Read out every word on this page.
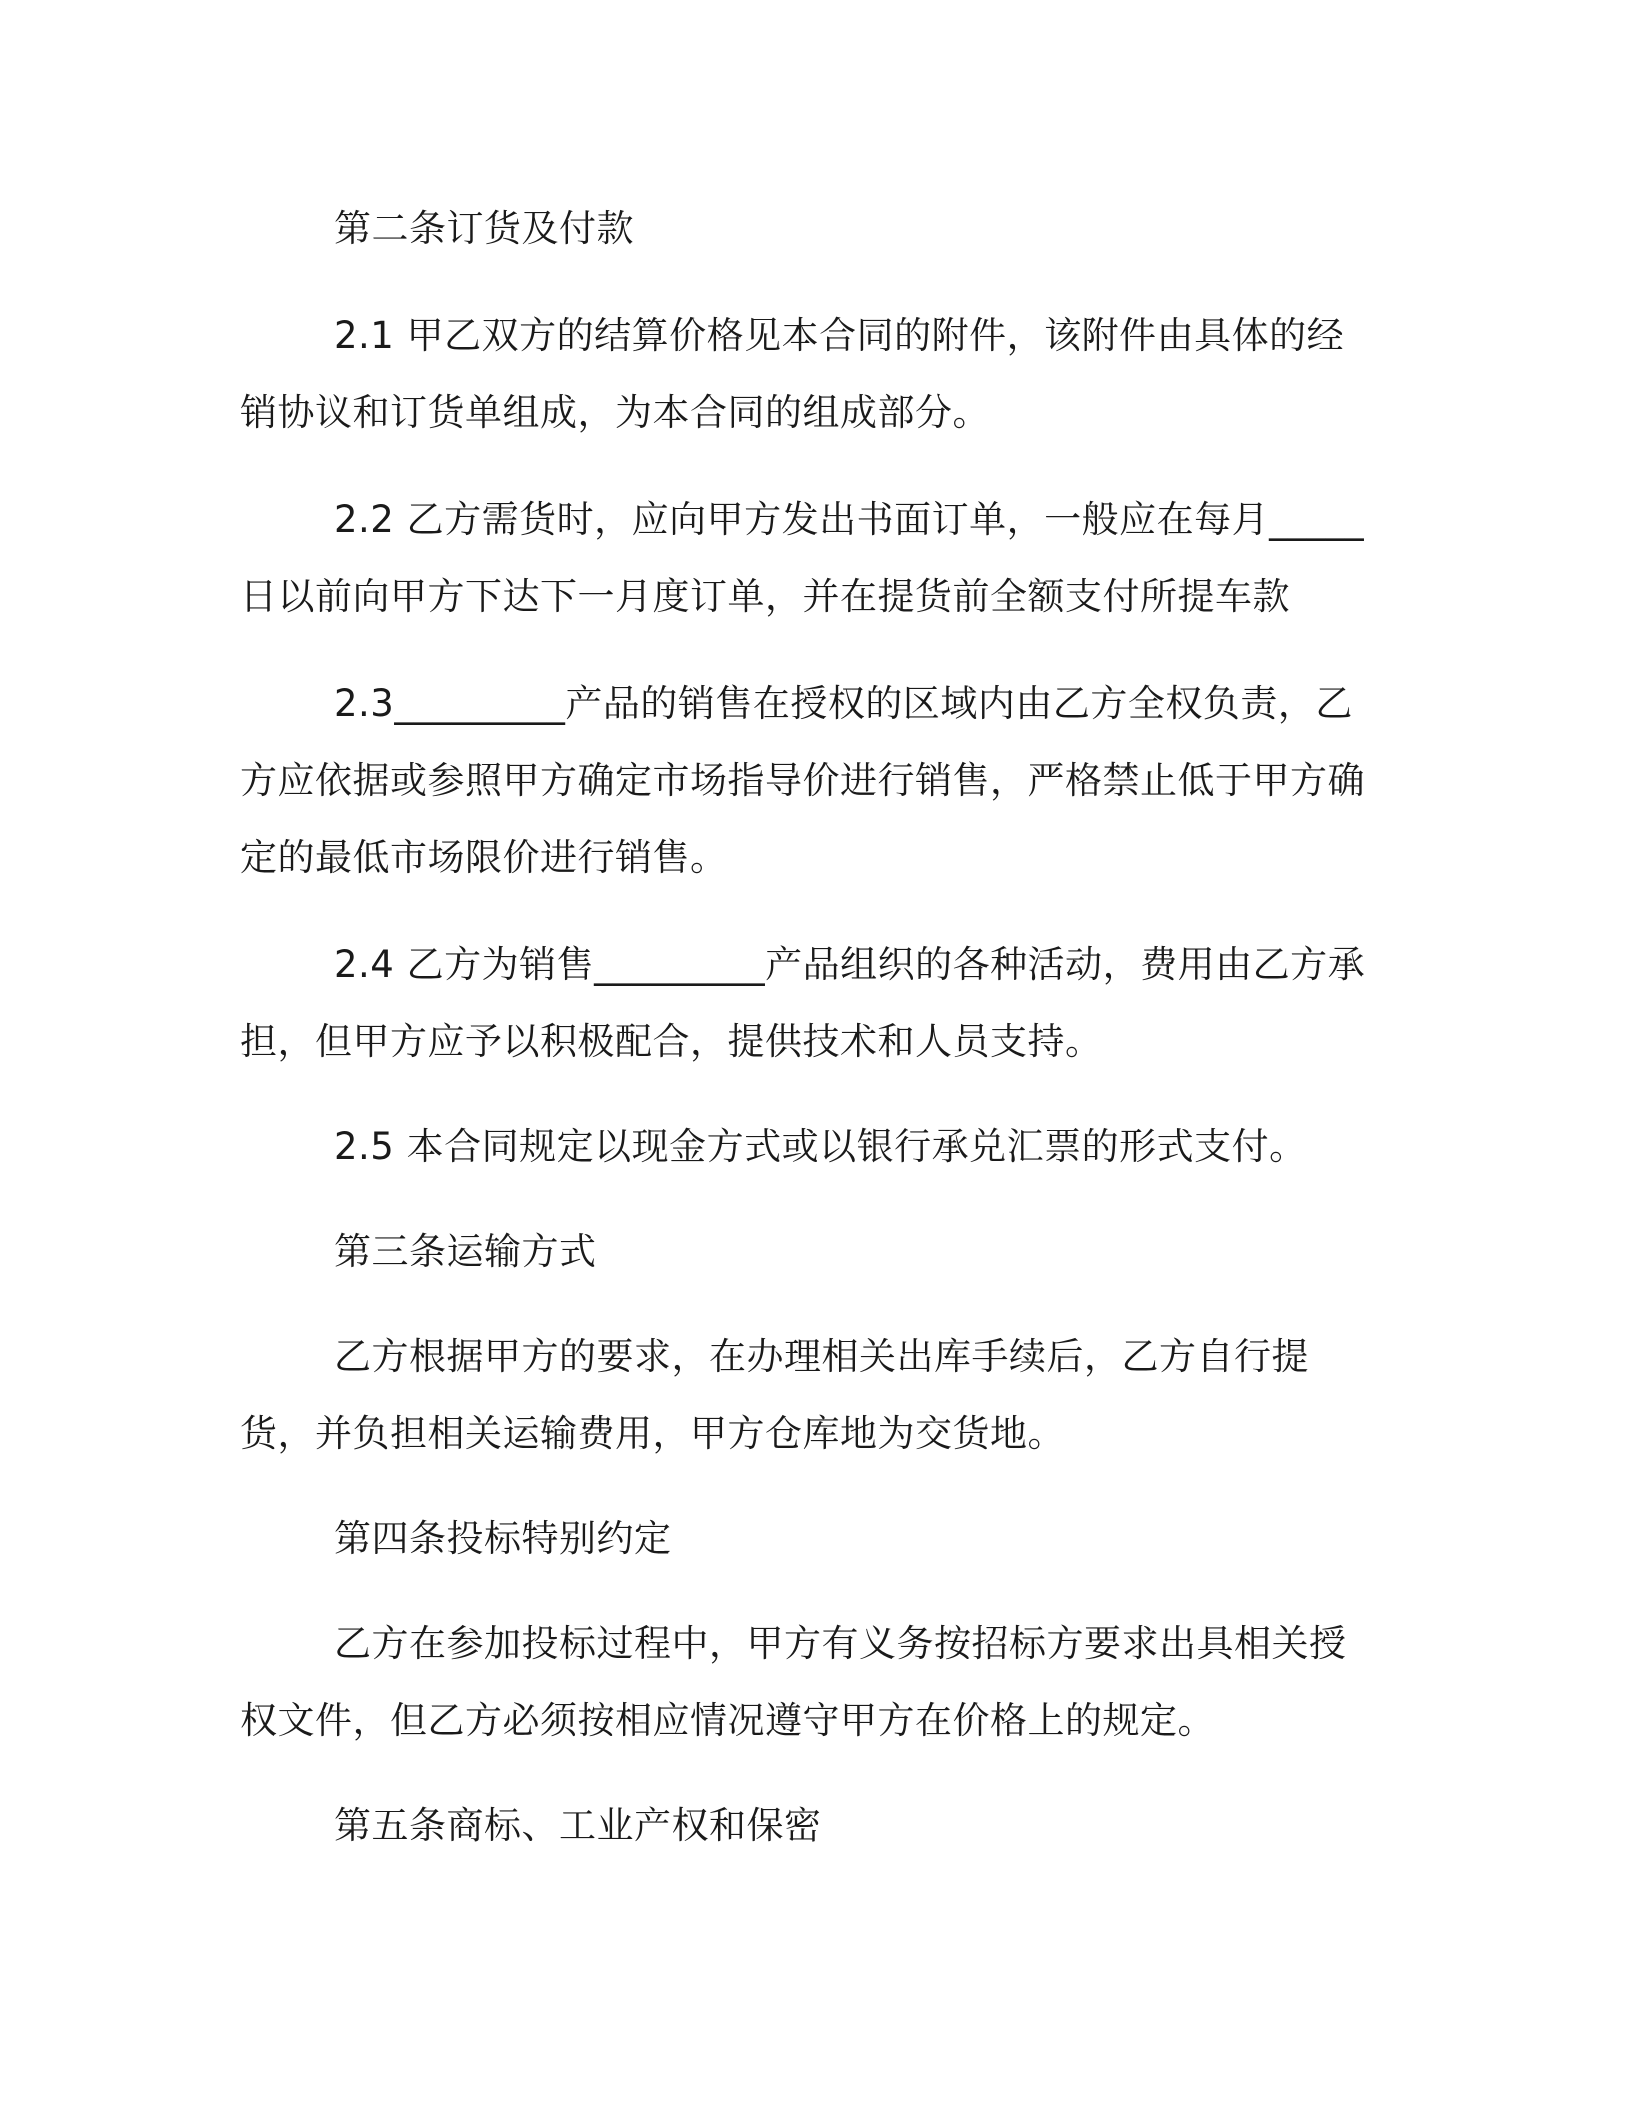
第二条订货及付款

2.1 甲乙双方的结算价格见本合同的附件，该附件由具体的经销协议和订货单组成，为本合同的组成部分。

2.2 乙方需货时，应向甲方发出书面订单，一般应在每月_____日以前向甲方下达下一月度订单，并在提货前全额支付所提车款

2.3_________产品的销售在授权的区域内由乙方全权负责，乙方应依据或参照甲方确定市场指导价进行销售，严格禁止低于甲方确定的最低市场限价进行销售。

2.4 乙方为销售_________产品组织的各种活动，费用由乙方承担，但甲方应予以积极配合，提供技术和人员支持。

2.5 本合同规定以现金方式或以银行承兑汇票的形式支付。

第三条运输方式

乙方根据甲方的要求，在办理相关出库手续后，乙方自行提货，并负担相关运输费用，甲方仓库地为交货地。

第四条投标特别约定

乙方在参加投标过程中，甲方有义务按招标方要求出具相关授权文件，但乙方必须按相应情况遵守甲方在价格上的规定。

第五条商标、工业产权和保密
